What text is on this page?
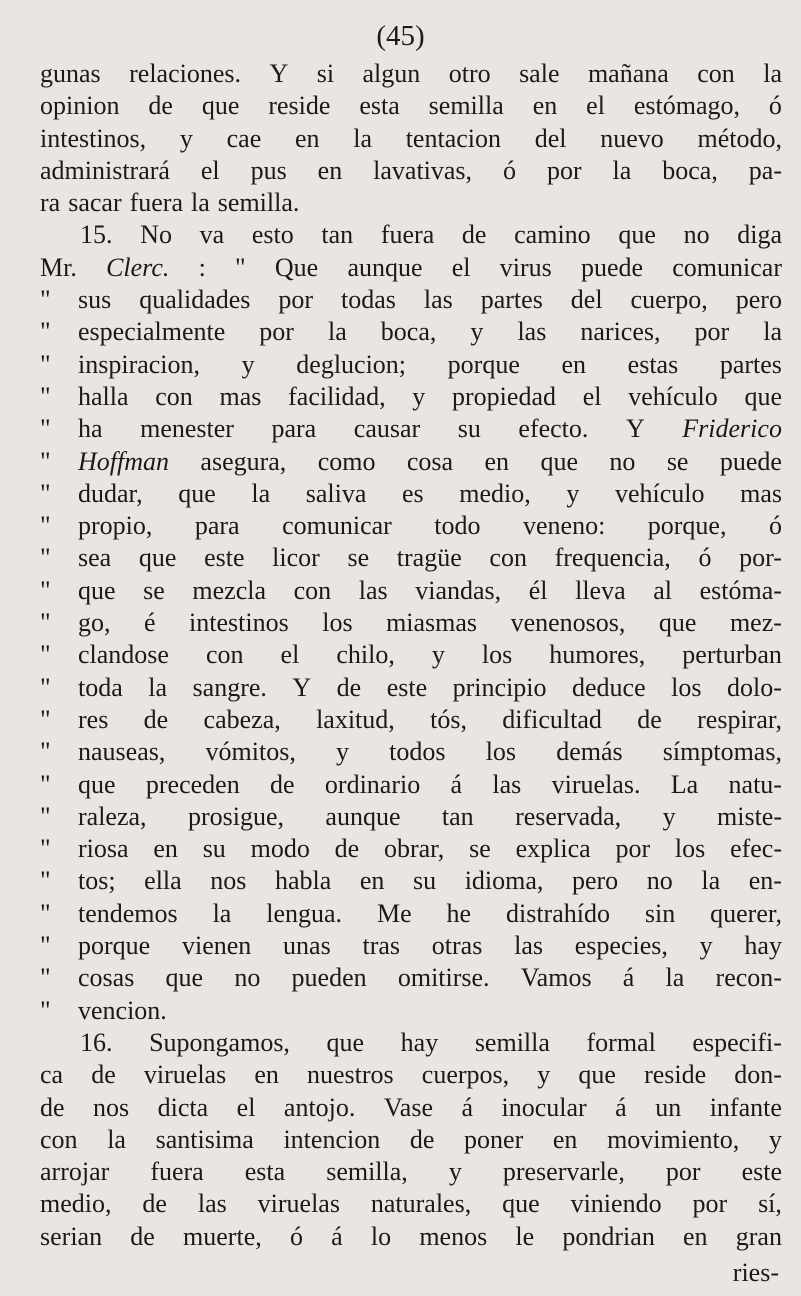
(45)
gunas relaciones. Y si algun otro sale mañana con la
opinion de que reside esta semilla en el estómago, ó
intestinos, y cae en la tentacion del nuevo método,
administrará el pus en lavativas, ó por la boca, pa-
ra sacar fuera la semilla.
15. No va esto tan fuera de camino que no diga
Mr. Clerc. : " Que aunque el virus puede comunicar
"	sus qualidades por todas las partes del cuerpo, pero
"	especialmente por la boca, y las narices, por la
"	inspiracion, y deglucion; porque en estas partes
"	halla con mas facilidad, y propiedad el vehículo que
"	ha menester para causar su efecto. Y Friderico
"	Hoffman asegura, como cosa en que no se puede
"	dudar, que la saliva es medio, y vehículo mas
"	propio, para comunicar todo veneno: porque, ó
"	sea que este licor se tragüe con frequencia, ó por-
"	que se mezcla con las viandas, él lleva al estóma-
"	go, é intestinos los miasmas venenosos, que mez-
"	clandose con el chilo, y los humores, perturban
"	toda la sangre. Y de este principio deduce los dolo-
"	res de cabeza, laxitud, tós, dificultad de respirar,
"	nauseas, vómitos, y todos los demás símptomas,
"	que preceden de ordinario á las viruelas. La natu-
"	raleza, prosigue, aunque tan reservada, y miste-
"	riosa en su modo de obrar, se explica por los efec-
"	tos; ella nos habla en su idioma, pero no la en-
"	tendemos la lengua. Me he distrahído sin querer,
"	porque vienen unas tras otras las especies, y hay
"	cosas que no pueden omitirse. Vamos á la recon-
"	vencion.
16. Supongamos, que hay semilla formal especifi-
ca de viruelas en nuestros cuerpos, y que reside don-
de nos dicta el antojo. Vase á inocular á un infante
con la santisima intencion de poner en movimiento, y
arrojar fuera esta semilla, y preservarle, por este
medio, de las viruelas naturales, que viniendo por sí,
serian de muerte, ó á lo menos le pondrian en gran
ries-
